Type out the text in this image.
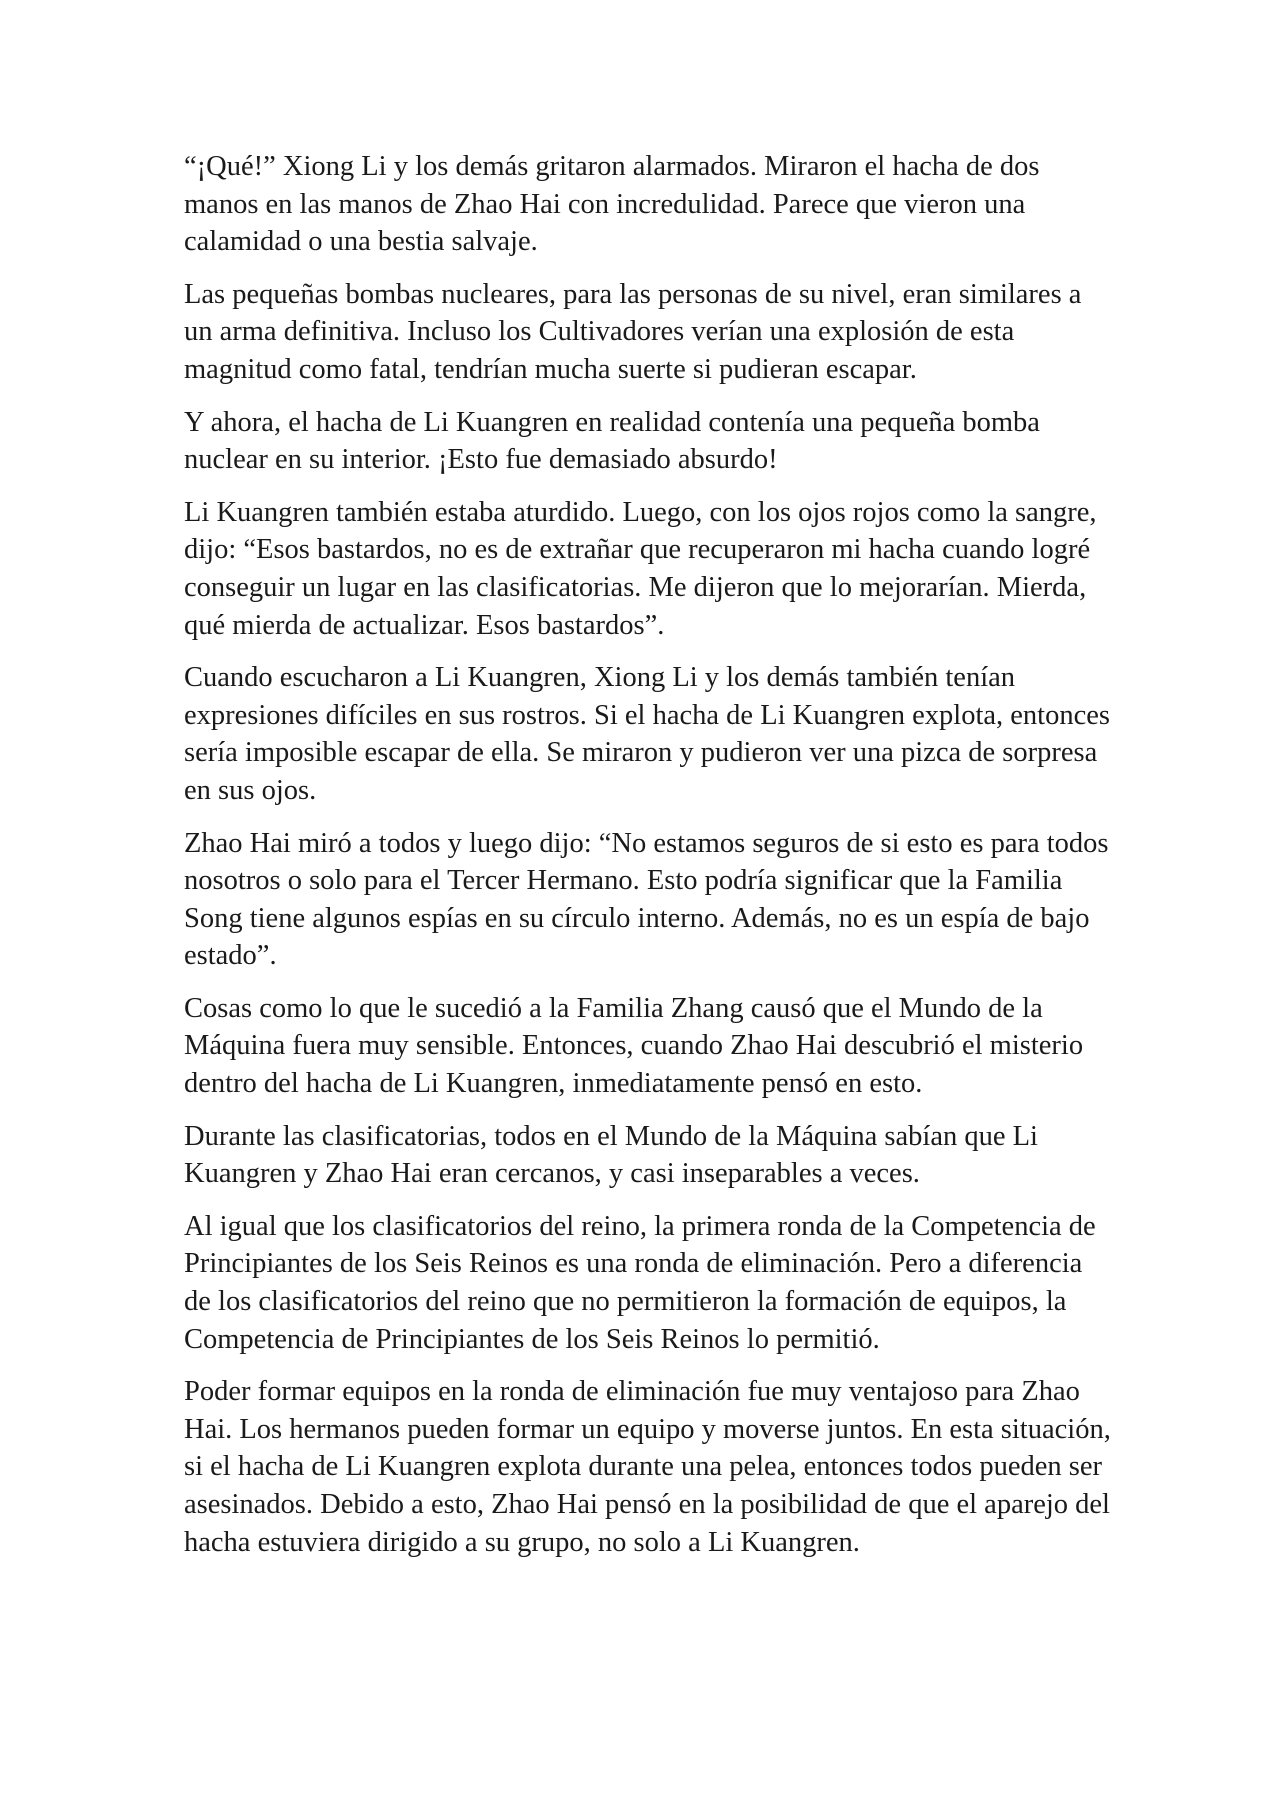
“¡Qué!” Xiong Li y los demás gritaron alarmados. Miraron el hacha de dos manos en las manos de Zhao Hai con incredulidad. Parece que vieron una calamidad o una bestia salvaje.

Las pequeñas bombas nucleares, para las personas de su nivel, eran similares a un arma definitiva. Incluso los Cultivadores verían una explosión de esta magnitud como fatal, tendrían mucha suerte si pudieran escapar.

Y ahora, el hacha de Li Kuangren en realidad contenía una pequeña bomba nuclear en su interior. ¡Esto fue demasiado absurdo!

Li Kuangren también estaba aturdido. Luego, con los ojos rojos como la sangre, dijo: “Esos bastardos, no es de extrañar que recuperaron mi hacha cuando logré conseguir un lugar en las clasificatorias. Me dijeron que lo mejorarían. Mierda, qué mierda de actualizar. Esos bastardos”.

Cuando escucharon a Li Kuangren, Xiong Li y los demás también tenían expresiones difíciles en sus rostros. Si el hacha de Li Kuangren explota, entonces sería imposible escapar de ella. Se miraron y pudieron ver una pizca de sorpresa en sus ojos.

Zhao Hai miró a todos y luego dijo: “No estamos seguros de si esto es para todos nosotros o solo para el Tercer Hermano. Esto podría significar que la Familia Song tiene algunos espías en su círculo interno. Además, no es un espía de bajo estado”.

Cosas como lo que le sucedió a la Familia Zhang causó que el Mundo de la Máquina fuera muy sensible. Entonces, cuando Zhao Hai descubrió el misterio dentro del hacha de Li Kuangren, inmediatamente pensó en esto.

Durante las clasificatorias, todos en el Mundo de la Máquina sabían que Li Kuangren y Zhao Hai eran cercanos, y casi inseparables a veces.

Al igual que los clasificatorios del reino, la primera ronda de la Competencia de Principiantes de los Seis Reinos es una ronda de eliminación. Pero a diferencia de los clasificatorios del reino que no permitieron la formación de equipos, la Competencia de Principiantes de los Seis Reinos lo permitió.

Poder formar equipos en la ronda de eliminación fue muy ventajoso para Zhao Hai. Los hermanos pueden formar un equipo y moverse juntos. En esta situación, si el hacha de Li Kuangren explota durante una pelea, entonces todos pueden ser asesinados. Debido a esto, Zhao Hai pensó en la posibilidad de que el aparejo del hacha estuviera dirigido a su grupo, no solo a Li Kuangren.
